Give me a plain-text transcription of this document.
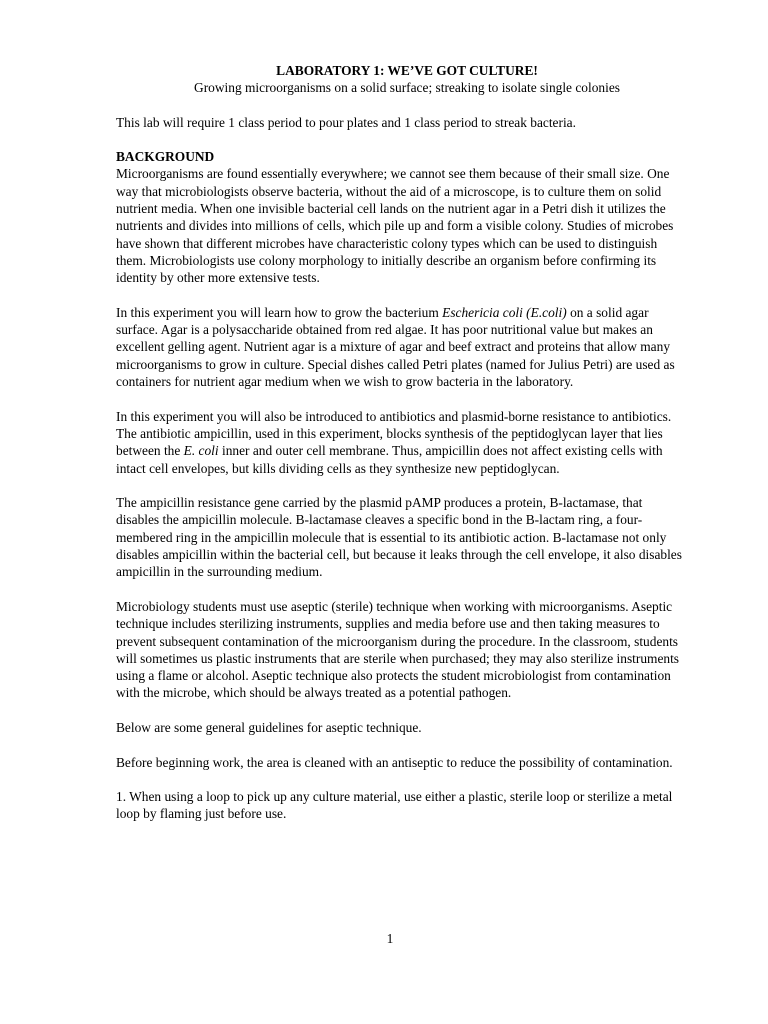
LABORATORY 1: WE’VE GOT CULTURE!

Growing microorganisms on a solid surface; streaking to isolate single colonies

This lab will require 1 class period to pour plates and 1 class period to streak bacteria.

BACKGROUND

Microorganisms are found essentially everywhere; we cannot see them because of their small size. One way that microbiologists observe bacteria, without the aid of a microscope, is to culture them on solid nutrient media. When one invisible bacterial cell lands on the nutrient agar in a Petri dish it utilizes the nutrients and divides into millions of cells, which pile up and form a visible colony. Studies of microbes have shown that different microbes have characteristic colony types which can be used to distinguish them. Microbiologists use colony morphology to initially describe an organism before confirming its identity by other more extensive tests.

In this experiment you will learn how to grow the bacterium Eschericia coli (E.coli) on a solid agar surface. Agar is a polysaccharide obtained from red algae. It has poor nutritional value but makes an excellent gelling agent. Nutrient agar is a mixture of agar and beef extract and proteins that allow many microorganisms to grow in culture. Special dishes called Petri plates (named for Julius Petri) are used as containers for nutrient agar medium when we wish to grow bacteria in the laboratory.

In this experiment you will also be introduced to antibiotics and plasmid-borne resistance to antibiotics. The antibiotic ampicillin, used in this experiment, blocks synthesis of the peptidoglycan layer that lies between the E. coli inner and outer cell membrane. Thus, ampicillin does not affect existing cells with intact cell envelopes, but kills dividing cells as they synthesize new peptidoglycan.

The ampicillin resistance gene carried by the plasmid pAMP produces a protein, B-lactamase, that disables the ampicillin molecule. B-lactamase cleaves a specific bond in the B-lactam ring, a four-membered ring in the ampicillin molecule that is essential to its antibiotic action. B-lactamase not only disables ampicillin within the bacterial cell, but because it leaks through the cell envelope, it also disables ampicillin in the surrounding medium.

Microbiology students must use aseptic (sterile) technique when working with microorganisms. Aseptic technique includes sterilizing instruments, supplies and media before use and then taking measures to prevent subsequent contamination of the microorganism during the procedure. In the classroom, students will sometimes us plastic instruments that are sterile when purchased; they may also sterilize instruments using a flame or alcohol. Aseptic technique also protects the student microbiologist from contamination with the microbe, which should be always treated as a potential pathogen.

Below are some general guidelines for aseptic technique.

Before beginning work, the area is cleaned with an antiseptic to reduce the possibility of contamination.

1. When using a loop to pick up any culture material, use either a plastic, sterile loop or sterilize a metal loop by flaming just before use.

1
